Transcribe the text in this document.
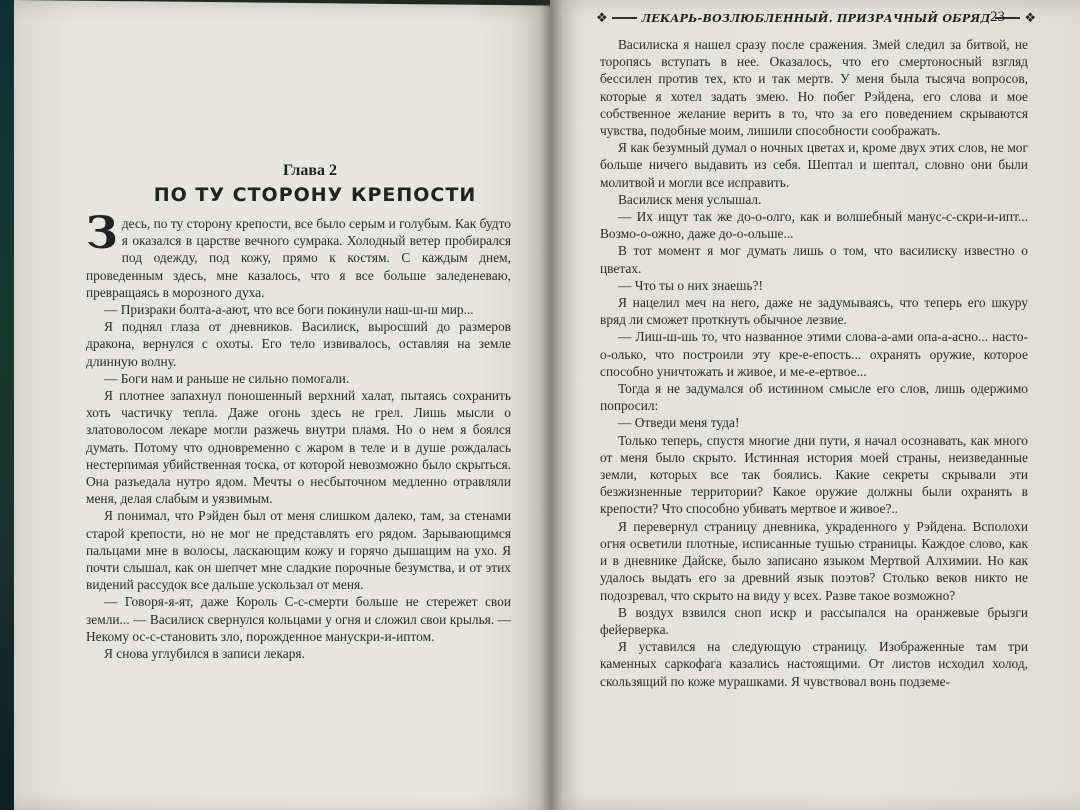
❖	ЛЕКАРЬ-ВОЗЛЮБЛЕННЫЙ. ПРИЗРАЧНЫЙ ОБРЯД	❖
23
Глава 2
ПО ТУ СТОРОНУ КРЕПОСТИ

Здесь, по ту сторону крепости, все было серым и голубым. Как будто я оказался в царстве вечного сумрака. Холодный ветер пробирался под одежду, под кожу, прямо к костям. С каждым днем, проведенным здесь, мне казалось, что я все больше заледеневаю, превращаясь в морозного духа.

— Призраки болта-а-ают, что все боги покинули наш-ш-ш мир...

Я поднял глаза от дневников. Василиск, выросший до размеров дракона, вернулся с охоты. Его тело извивалось, оставляя на земле длинную волну.

— Боги нам и раньше не сильно помогали.

Я плотнее запахнул поношенный верхний халат, пытаясь сохранить хоть частичку тепла. Даже огонь здесь не грел. Лишь мысли о златоволосом лекаре могли разжечь внутри пламя. Но о нем я боялся думать. Потому что одновременно с жаром в теле и в душе рождалась нестерпимая убийственная тоска, от которой невозможно было скрыться. Она разъедала нутро ядом. Мечты о несбыточном медленно отравляли меня, делая слабым и уязвимым.

Я понимал, что Рэйден был от меня слишком далеко, там, за стенами старой крепости, но не мог не представлять его рядом. Зарывающимся пальцами мне в волосы, ласкающим кожу и горячо дышащим на ухо. Я почти слышал, как он шепчет мне сладкие порочные безумства, и от этих видений рассудок все дальше ускользал от меня.

— Говоря-я-ят, даже Король С-с-смерти больше не стережет свои земли... — Василиск свернулся кольцами у огня и сложил свои крылья. — Некому ос-с-становить зло, порожденное манускри-и-иптом.

Я снова углубился в записи лекаря.

Василиска я нашел сразу после сражения. Змей следил за битвой, не торопясь вступать в нее. Оказалось, что его смертоносный взгляд бессилен против тех, кто и так мертв. У меня была тысяча вопросов, которые я хотел задать змею. Но побег Рэйдена, его слова и мое собственное желание верить в то, что за его поведением скрываются чувства, подобные моим, лишили способности соображать.

Я как безумный думал о ночных цветах и, кроме двух этих слов, не мог больше ничего выдавить из себя. Шептал и шептал, словно они были молитвой и могли все исправить.

Василиск меня услышал.

— Их ищут так же до-о-олго, как и волшебный манус-с-скри-и-ипт... Возмо-о-ожно, даже до-о-ольше...

В тот момент я мог думать лишь о том, что василиску известно о цветах.

— Что ты о них знаешь?!

Я нацелил меч на него, даже не задумываясь, что теперь его шкуру вряд ли сможет проткнуть обычное лезвие.

— Лиш-ш-шь то, что названное этими слова-а-ами опа-а-асно... насто-о-олько, что построили эту кре-е-епость... охранять оружие, которое способно уничтожать и живое, и ме-е-ертвое...

Тогда я не задумался об истинном смысле его слов, лишь одержимо попросил:

— Отведи меня туда!

Только теперь, спустя многие дни пути, я начал осознавать, как много от меня было скрыто. Истинная история моей страны, неизведанные земли, которых все так боялись. Какие секреты скрывали эти безжизненные территории? Какое оружие должны были охранять в крепости? Что способно убивать мертвое и живое?..

Я перевернул страницу дневника, украденного у Рэйдена. Всполохи огня осветили плотные, исписанные тушью страницы. Каждое слово, как и в дневнике Дайске, было записано языком Мертвой Алхимии. Но как удалось выдать его за древний язык поэтов? Столько веков никто не подозревал, что скрыто на виду у всех. Разве такое возможно?

В воздух взвился сноп искр и рассыпался на оранжевые брызги фейерверка.

Я уставился на следующую страницу. Изображенные там три каменных саркофага казались настоящими. От листов исходил холод, скользящий по коже мурашками. Я чувствовал вонь подземе-
